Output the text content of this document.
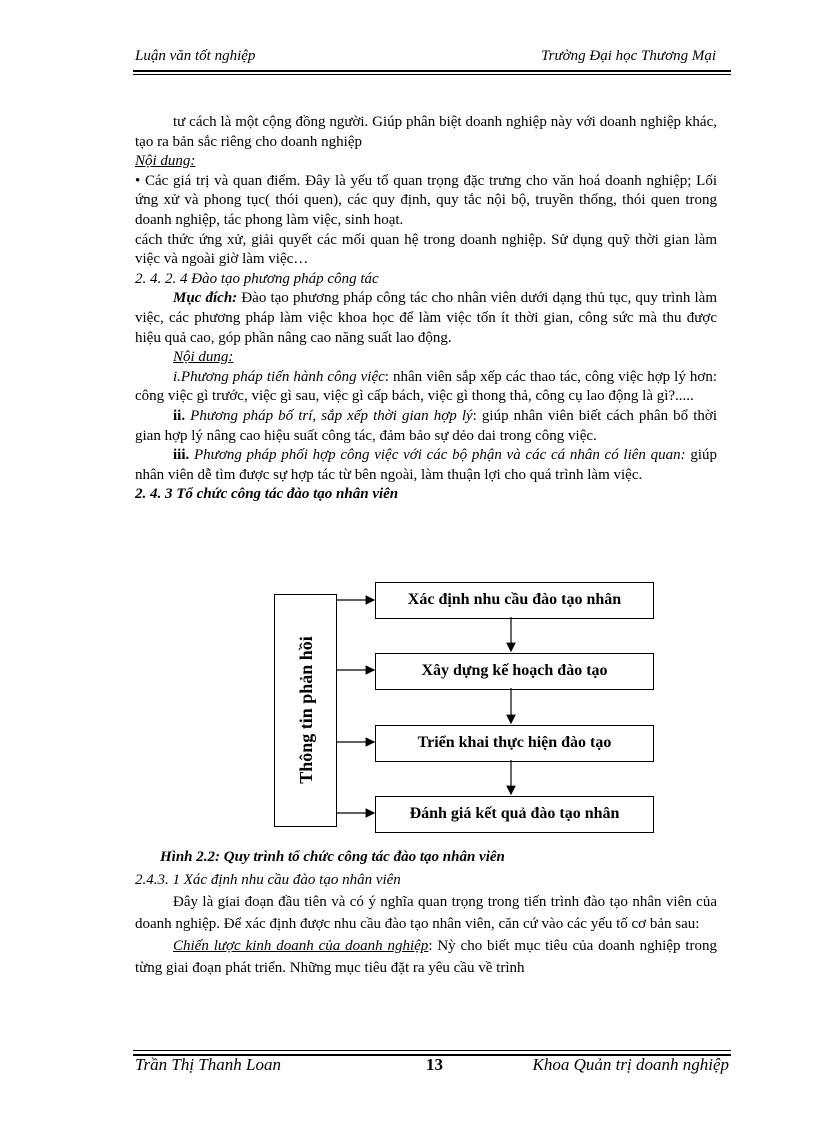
Luận văn tốt nghiệp	Trường Đại học Thương Mại

tư cách là một cộng đồng người. Giúp phân biệt doanh nghiệp này với doanh nghiệp khác, tạo ra bản sắc riêng cho doanh nghiệp

Nội dung:

• Các giá trị và quan điểm. Đây là yếu tố quan trọng đặc trưng cho văn hoá doanh nghiệp; Lối ứng xử và phong tục( thói quen), các quy định, quy tắc nội bộ, truyền thống, thói quen trong doanh nghiệp, tác phong làm việc, sinh hoạt.

cách thức ứng xử, giải quyết các mối quan hệ trong doanh nghiệp. Sử dụng quỹ thời gian làm việc và ngoài giờ làm việc…

2. 4. 2. 4 Đào tạo phương pháp công tác

Mục đích: Đào tạo phương pháp công tác cho nhân viên dưới dạng thủ tục, quy trình làm việc, các phương pháp làm việc khoa học để làm việc tốn ít thời gian, công sức mà thu được hiệu quả cao, góp phần nâng cao năng suất lao động.

Nội dung:

i.Phương pháp tiến hành công việc: nhân viên sắp xếp các thao tác, công việc hợp lý hơn: công việc gì trước, việc gì sau, việc gì cấp bách, việc gì thong thả, công cụ lao động là gì?.....

ii. Phương pháp bố trí, sắp xếp thời gian hợp lý: giúp nhân viên biết cách phân bổ thời gian hợp lý nâng cao hiệu suất công tác, đảm bảo sự dẻo dai trong công việc.

iii. Phương pháp phối hợp công việc với các bộ phận và các cá nhân có liên quan: giúp nhân viên dễ tìm được sự hợp tác từ bên ngoài, làm thuận lợi cho quá trình làm việc.

2. 4. 3 Tổ chức công tác đào tạo nhân viên

Thông tin phản hồi
Xác định nhu cầu đào tạo nhân
Xây dựng kế hoạch đào tạo
Triển khai thực hiện đào tạo
Đánh giá kết quả đào tạo nhân
Hình 2.2: Quy trình tổ chức công tác đào tạo nhân viên

2.4.3. 1 Xác định nhu cầu đào tạo nhân viên

Đây là giai đoạn đầu tiên và có ý nghĩa quan trọng trong tiến trình đào tạo nhân viên của doanh nghiệp. Để xác định được nhu cầu đào tạo nhân viên, căn cứ vào các yếu tố cơ bản sau:

Chiến lược kinh doanh của doanh nghiệp: Nỳ cho biết mục tiêu của doanh nghiệp trong từng giai đoạn phát triển. Những mục tiêu đặt ra yêu cầu về trình

Trần Thị Thanh Loan	13	Khoa Quản trị doanh nghiệp
